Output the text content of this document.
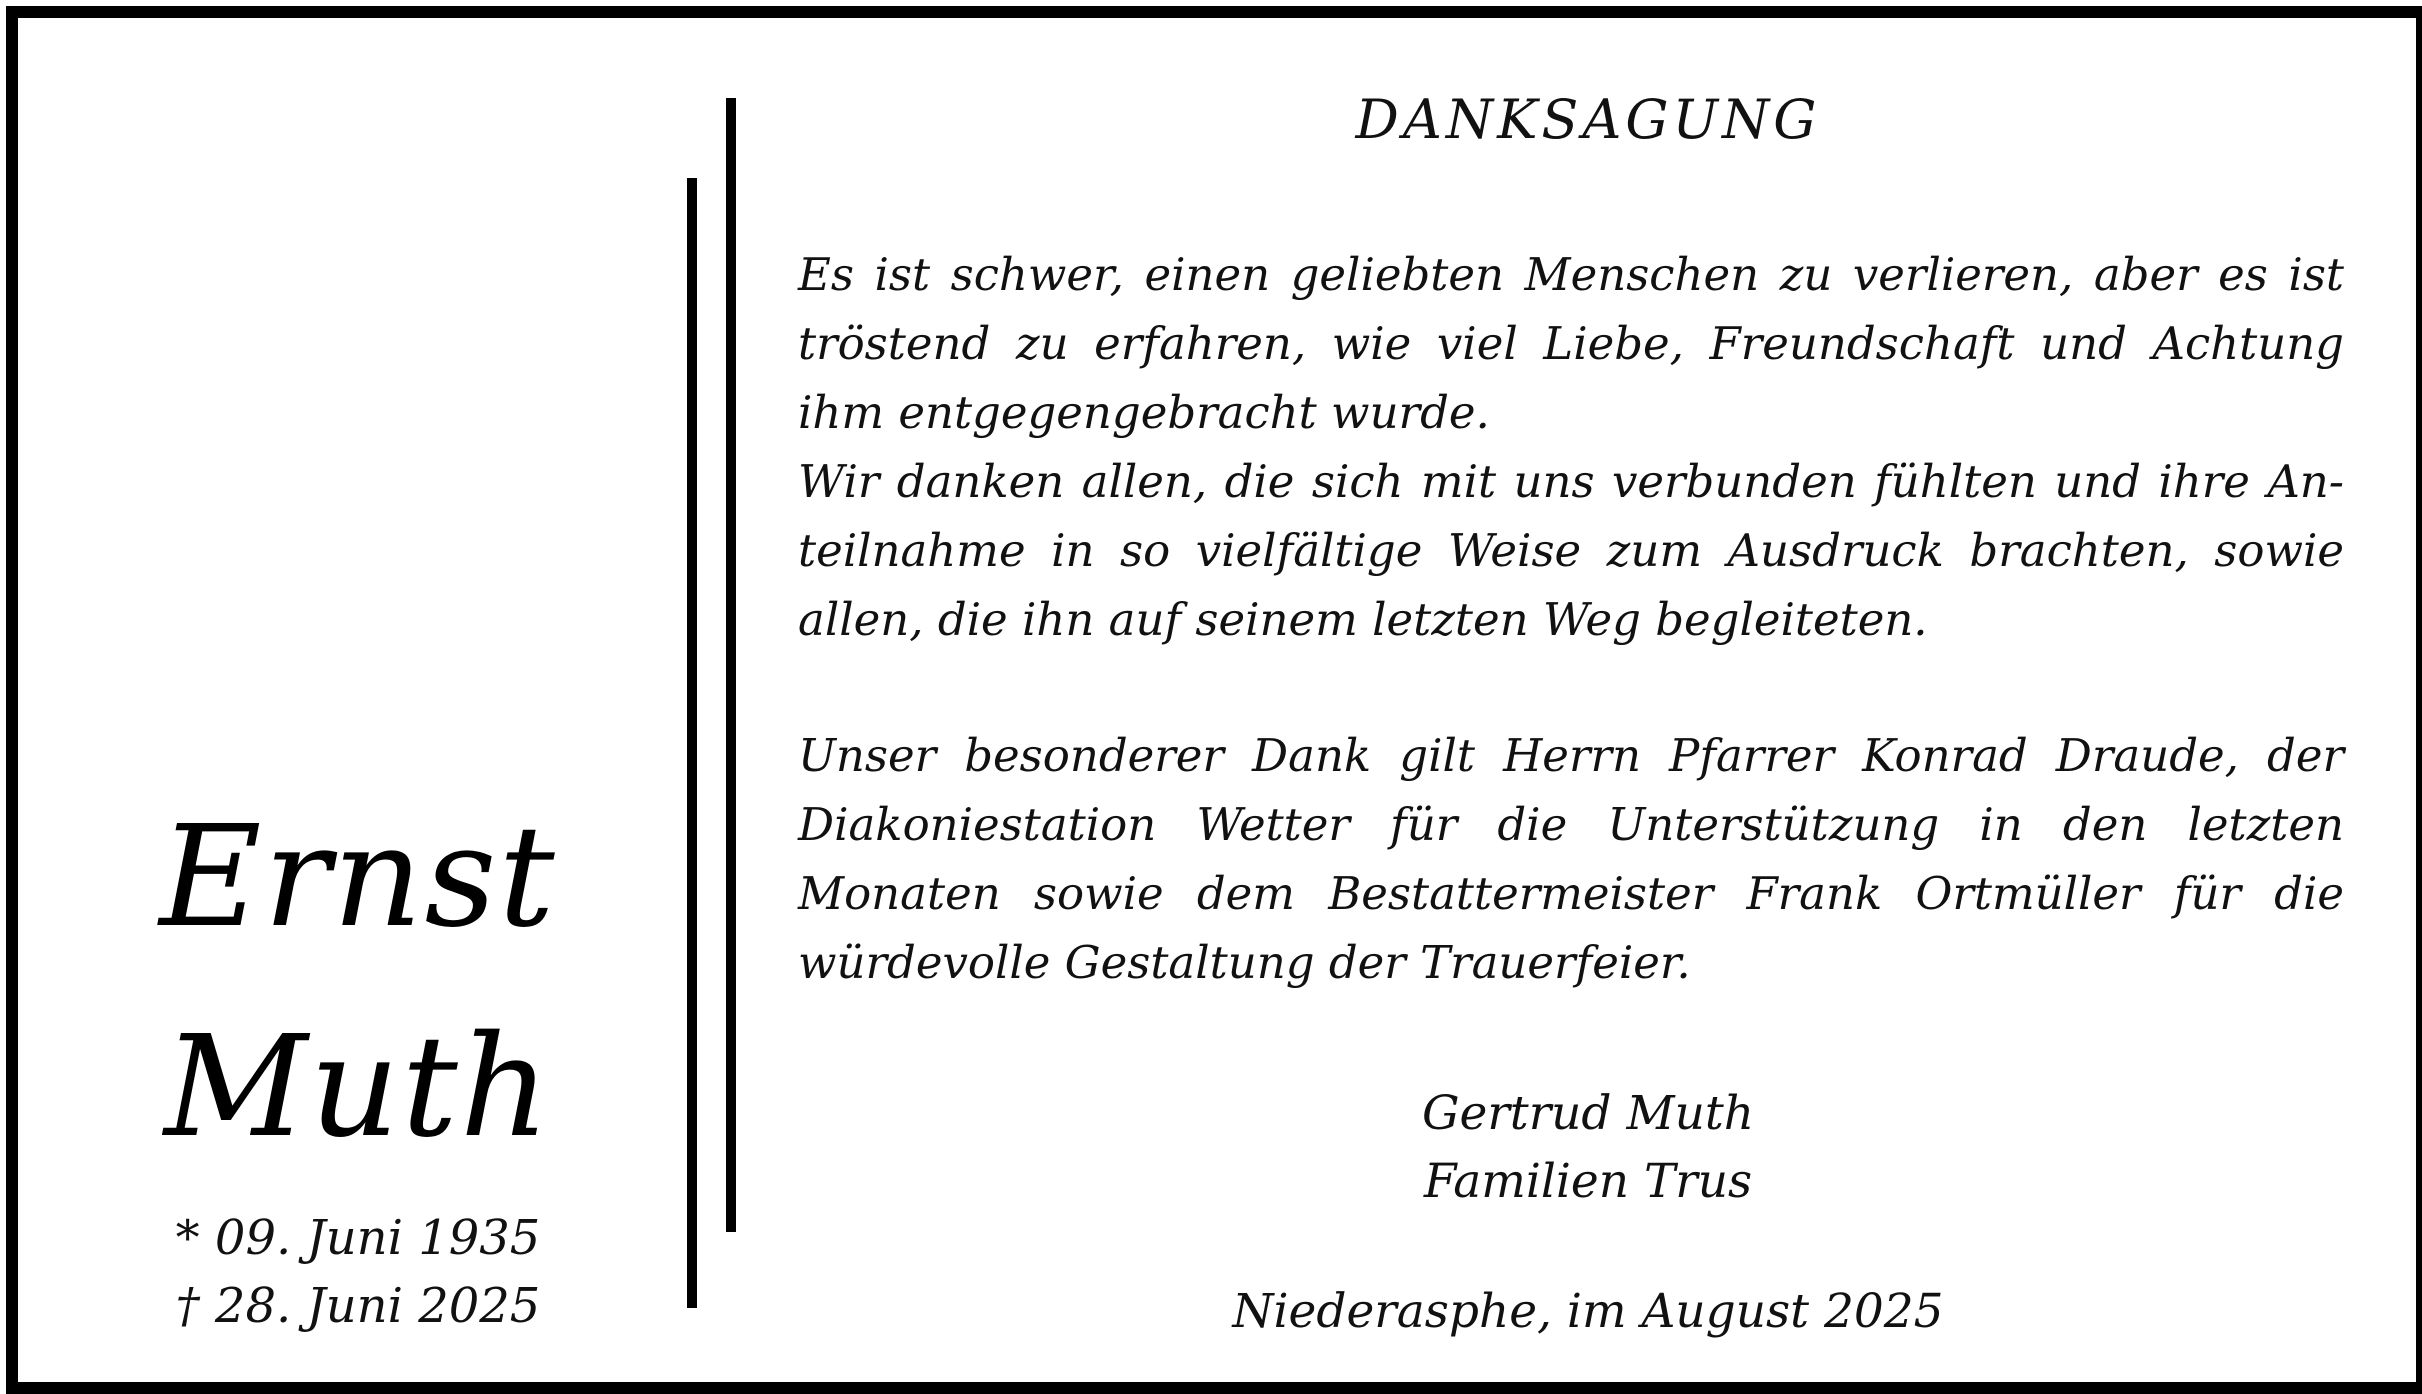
Ernst
Muth
* 09. Juni 1935
† 28. Juni 2025
DANKSAGUNG
Es ist schwer, einen geliebten Menschen zu verlieren, aber es ist
tröstend zu erfahren, wie viel Liebe, Freundschaft und Achtung
ihm entgegengebracht wurde.
Wir danken allen, die sich mit uns verbunden fühlten und ihre An-
teilnahme in so vielfältige Weise zum Ausdruck brachten, sowie
allen, die ihn auf seinem letzten Weg begleiteten.
Unser besonderer Dank gilt Herrn Pfarrer Konrad Draude, der
Diakoniestation Wetter für die Unterstützung in den letzten
Monaten sowie dem Bestattermeister Frank Ortmüller für die
würdevolle Gestaltung der Trauerfeier.
Gertrud Muth
Familien Trus
Niederasphe, im August 2025
